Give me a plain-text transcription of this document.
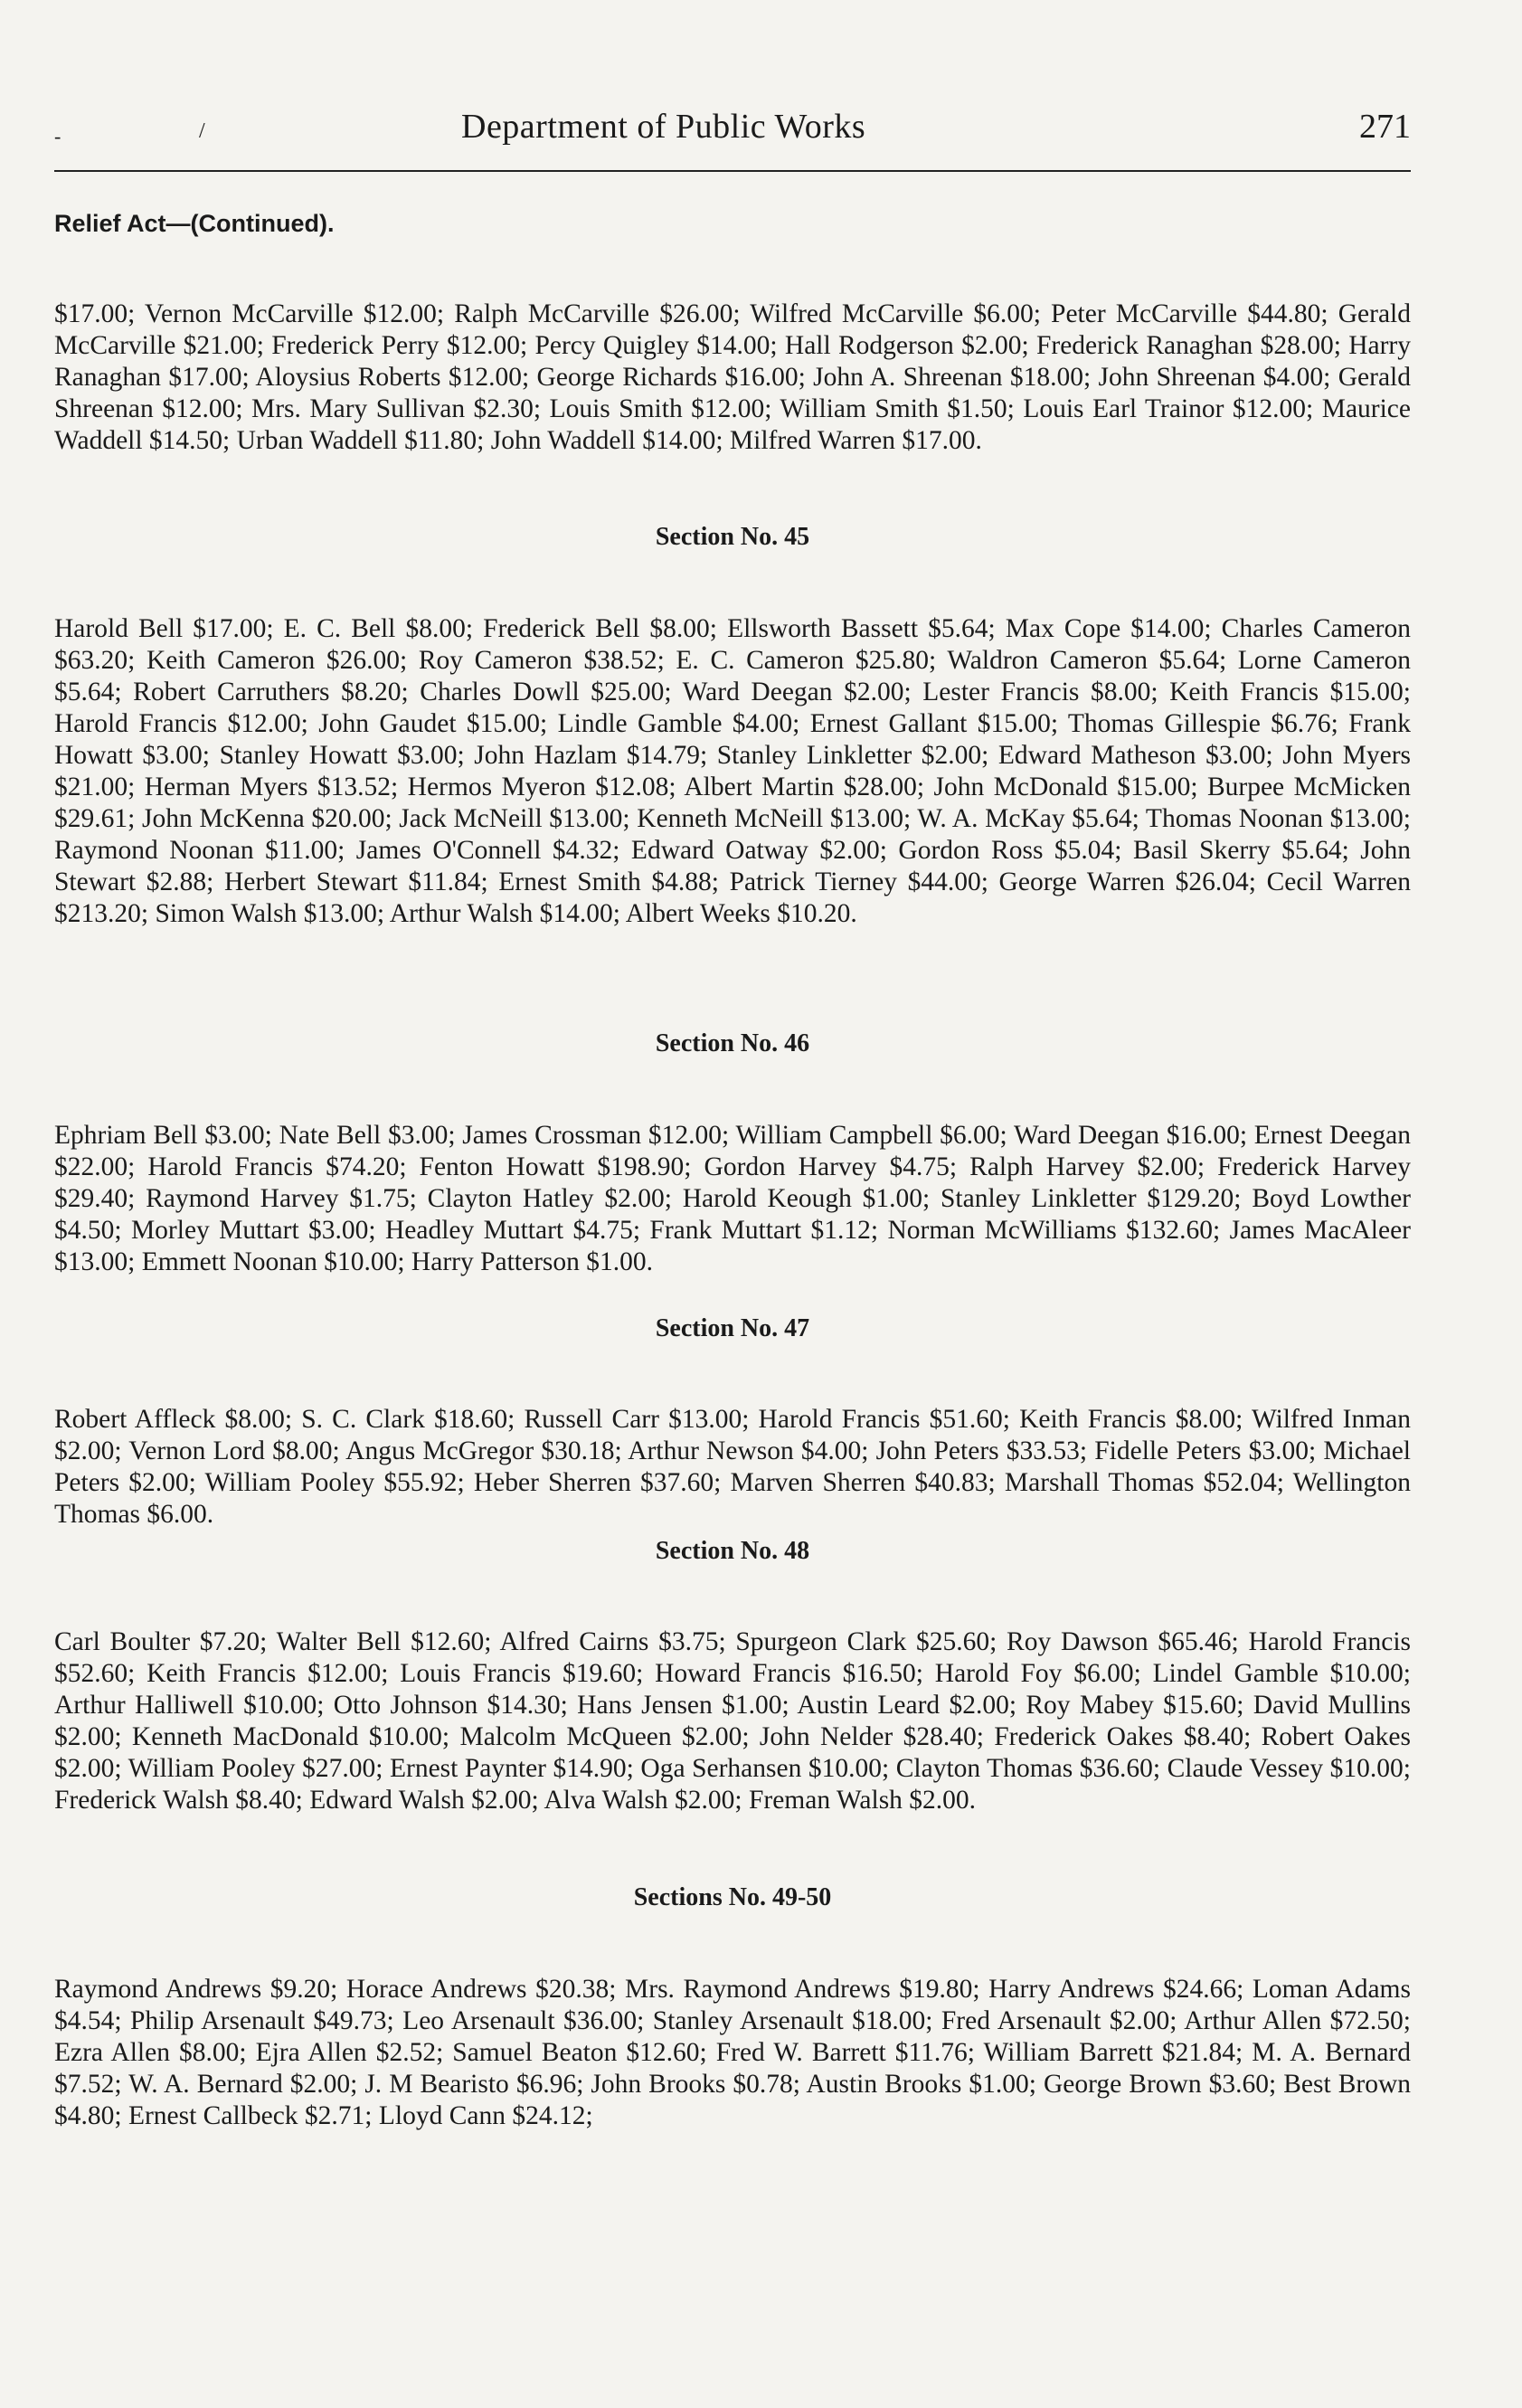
-	/	Department of Public Works	271
Relief Act—(Continued).

$17.00; Vernon McCarville $12.00; Ralph McCarville $26.00; Wilfred McCarville $6.00; Peter McCarville $44.80; Gerald McCarville $21.00; Frederick Perry $12.00; Percy Quigley $14.00; Hall Rodgerson $2.00; Frederick Ranaghan $28.00; Harry Ranaghan $17.00; Aloysius Roberts $12.00; George Richards $16.00; John A. Shreenan $18.00; John Shreenan $4.00; Gerald Shreenan $12.00; Mrs. Mary Sullivan $2.30; Louis Smith $12.00; William Smith $1.50; Louis Earl Trainor $12.00; Maurice Waddell $14.50; Urban Waddell $11.80; John Waddell $14.00; Milfred Warren $17.00.

Section No. 45

Harold Bell $17.00; E. C. Bell $8.00; Frederick Bell $8.00; Ellsworth Bassett $5.64; Max Cope $14.00; Charles Cameron $63.20; Keith Cameron $26.00; Roy Cameron $38.52; E. C. Cameron $25.80; Waldron Cameron $5.64; Lorne Cameron $5.64; Robert Carruthers $8.20; Charles Dowll $25.00; Ward Deegan $2.00; Lester Francis $8.00; Keith Francis $15.00; Harold Francis $12.00; John Gaudet $15.00; Lindle Gamble $4.00; Ernest Gallant $15.00; Thomas Gillespie $6.76; Frank Howatt $3.00; Stanley Howatt $3.00; John Hazlam $14.79; Stanley Linkletter $2.00; Edward Matheson $3.00; John Myers $21.00; Herman Myers $13.52; Hermos Myeron $12.08; Albert Martin $28.00; John McDonald $15.00; Burpee McMicken $29.61; John McKenna $20.00; Jack McNeill $13.00; Kenneth McNeill $13.00; W. A. McKay $5.64; Thomas Noonan $13.00; Raymond Noonan $11.00; James O'Connell $4.32; Edward Oatway $2.00; Gordon Ross $5.04; Basil Skerry $5.64; John Stewart $2.88; Herbert Stewart $11.84; Ernest Smith $4.88; Patrick Tierney $44.00; George Warren $26.04; Cecil Warren $213.20; Simon Walsh $13.00; Arthur Walsh $14.00; Albert Weeks $10.20.

Section No. 46

Ephriam Bell $3.00; Nate Bell $3.00; James Crossman $12.00; William Campbell $6.00; Ward Deegan $16.00; Ernest Deegan $22.00; Harold Francis $74.20; Fenton Howatt $198.90; Gordon Harvey $4.75; Ralph Harvey $2.00; Frederick Harvey $29.40; Raymond Harvey $1.75; Clayton Hatley $2.00; Harold Keough $1.00; Stanley Linkletter $129.20; Boyd Lowther $4.50; Morley Muttart $3.00; Headley Muttart $4.75; Frank Muttart $1.12; Norman McWilliams $132.60; James MacAleer $13.00; Emmett Noonan $10.00; Harry Patterson $1.00.

Section No. 47

Robert Affleck $8.00; S. C. Clark $18.60; Russell Carr $13.00; Harold Francis $51.60; Keith Francis $8.00; Wilfred Inman $2.00; Vernon Lord $8.00; Angus McGregor $30.18; Arthur Newson $4.00; John Peters $33.53; Fidelle Peters $3.00; Michael Peters $2.00; William Pooley $55.92; Heber Sherren $37.60; Marven Sherren $40.83; Marshall Thomas $52.04; Wellington Thomas $6.00.

Section No. 48

Carl Boulter $7.20; Walter Bell $12.60; Alfred Cairns $3.75; Spurgeon Clark $25.60; Roy Dawson $65.46; Harold Francis $52.60; Keith Francis $12.00; Louis Francis $19.60; Howard Francis $16.50; Harold Foy $6.00; Lindel Gamble $10.00; Arthur Halliwell $10.00; Otto Johnson $14.30; Hans Jensen $1.00; Austin Leard $2.00; Roy Mabey $15.60; David Mullins $2.00; Kenneth MacDonald $10.00; Malcolm McQueen $2.00; John Nelder $28.40; Frederick Oakes $8.40; Robert Oakes $2.00; William Pooley $27.00; Ernest Paynter $14.90; Oga Serhansen $10.00; Clayton Thomas $36.60; Claude Vessey $10.00; Frederick Walsh $8.40; Edward Walsh $2.00; Alva Walsh $2.00; Freman Walsh $2.00.

Sections No. 49-50

Raymond Andrews $9.20; Horace Andrews $20.38; Mrs. Raymond Andrews $19.80; Harry Andrews $24.66; Loman Adams $4.54; Philip Arsenault $49.73; Leo Arsenault $36.00; Stanley Arsenault $18.00; Fred Arsenault $2.00; Arthur Allen $72.50; Ezra Allen $8.00; Ejra Allen $2.52; Samuel Beaton $12.60; Fred W. Barrett $11.76; William Barrett $21.84; M. A. Bernard $7.52; W. A. Bernard $2.00; J. M Bearisto $6.96; John Brooks $0.78; Austin Brooks $1.00; George Brown $3.60; Best Brown $4.80; Ernest Callbeck $2.71; Lloyd Cann $24.12;
